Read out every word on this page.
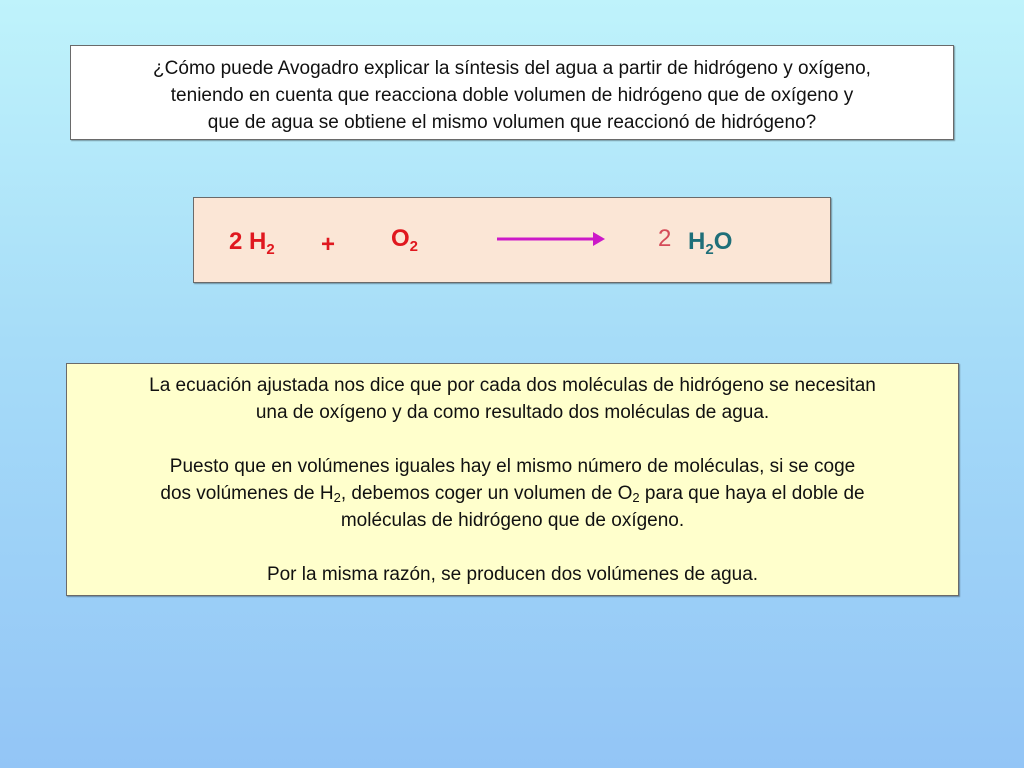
¿Cómo puede Avogadro explicar la síntesis del agua a partir de hidrógeno y oxígeno,

teniendo en cuenta que reacciona doble volumen de hidrógeno que de oxígeno y

que de agua se obtiene el mismo volumen que reaccionó de hidrógeno?

2 $H_2 + O_2$	2 $H_2O$

La ecuación ajustada nos dice que por cada dos moléculas de hidrógeno se necesitan
una de oxígeno y da como resultado dos moléculas de agua.

Puesto que en volúmenes iguales hay el mismo número de moléculas, si se coge
dos volúmenes de $H_2$, debemos coger un volumen de $O_2$ para que haya el doble de
moléculas de hidrógeno que de oxígeno.

Por la misma razón, se producen dos volúmenes de agua.
